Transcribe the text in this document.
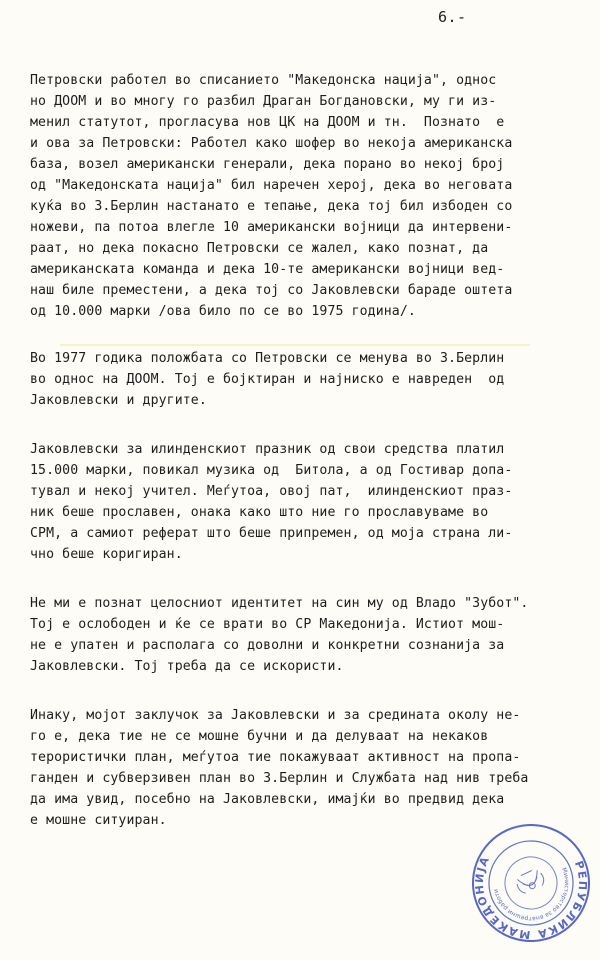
6.-
Петровски работел во списанието "Македонска нација", однос
но ДООМ и во многу го разбил Драган Богдановски, му ги из-
менил статутот, прогласува нов ЦК на ДООМ и тн.  Познато  е
и ова за Петровски: Работел како шофер во некоја американска
база, возел американски генерали, дека порано во некој број
од "Македонската нација" бил наречен херој, дека во неговата
куќа во З.Берлин настанато е тепање, дека тој бил избоден со
ножеви, па потоа влегле 10 американски војници да интервени-
раат, но дека покасно Петровски се жалел, како познат, да
американската команда и дека 10-те американски војници вед-
наш биле преместени, а дека тој со Јаковлевски бараде оштета
од 10.000 марки /ова било по се во 1975 година/.
Во 1977 годика положбата со Петровски се менува во З.Берлин
во однос на ДООМ. Тој е бојктиран и најниско е навреден  од
Јаковлевски и другите.
Јаковлевски за илинденскиот празник од свои средства платил
15.000 марки, повикал музика од  Битола, а од Гостивар допа-
тувал и некој учител. Меѓутоа, овој пат,  илинденскиот праз-
ник беше прославен, онака како што ние го прославуваме во
СРМ, а самиот реферат што беше припремен, од моја страна ли-
чно беше коригиран.
Не ми е познат целосниот идентитет на син му од Владо "Зубот".
Тој е ослободен и ќе се врати во СР Македонија. Истиот мош-
не е упатен и располага со доволни и конкретни сознанија за
Јаковлевски. Тој треба да се искористи.
Инаку, мојот заклучок за Јаковлевски и за средината околу не-
го е, дека тие не се мошне бучни и да делуваат на некаков
терористички план, меѓутоа тие покажуваат активност на пропа-
ганден и субверзивен план во З.Берлин и Службата над нив треба
да има увид, посебно на Јаковлевски, имајќи во предвид дека
е мошне ситуиран.
РЕПУБЛИКА МАКЕДОНИЈА
Министерство за внатрешни работи
